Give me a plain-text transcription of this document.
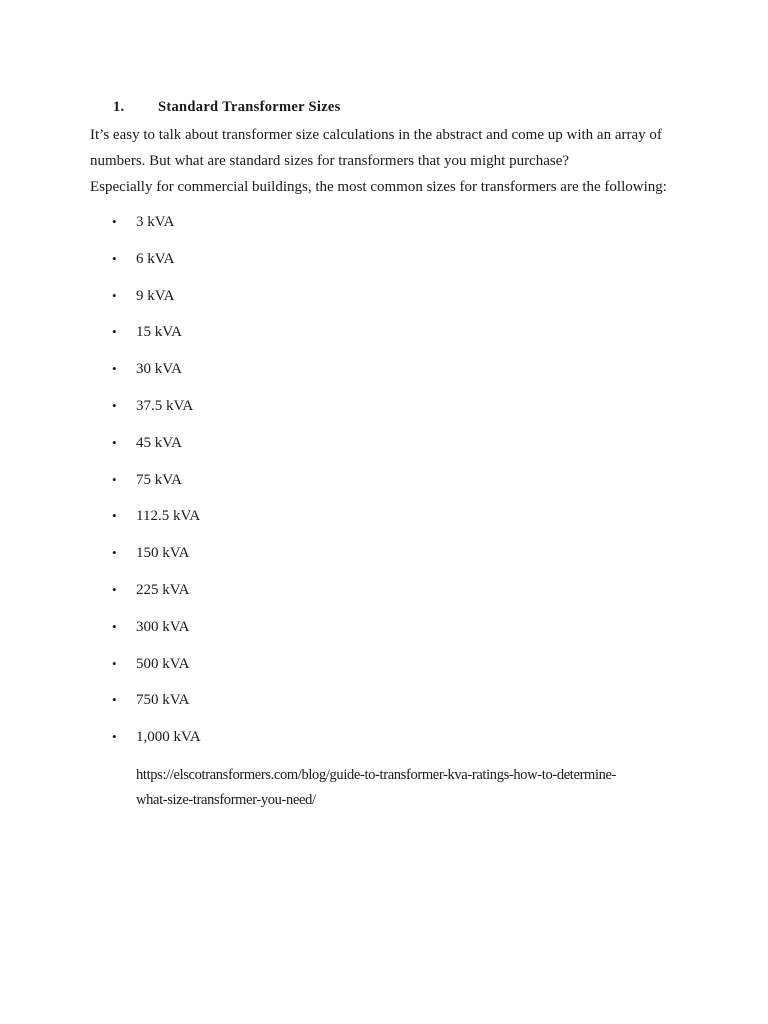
1. Standard Transformer Sizes

It’s easy to talk about transformer size calculations in the abstract and come up with an array of

numbers. But what are standard sizes for transformers that you might purchase?

Especially for commercial buildings, the most common sizes for transformers are the following:

• 3 kVA
• 6 kVA
• 9 kVA
• 15 kVA
• 30 kVA
• 37.5 kVA
• 45 kVA
• 75 kVA
• 112.5 kVA
• 150 kVA
• 225 kVA
• 300 kVA
• 500 kVA
• 750 kVA
• 1,000 kVA
https://elscotransformers.com/blog/guide-to-transformer-kva-ratings-how-to-determine-
what-size-transformer-you-need/
